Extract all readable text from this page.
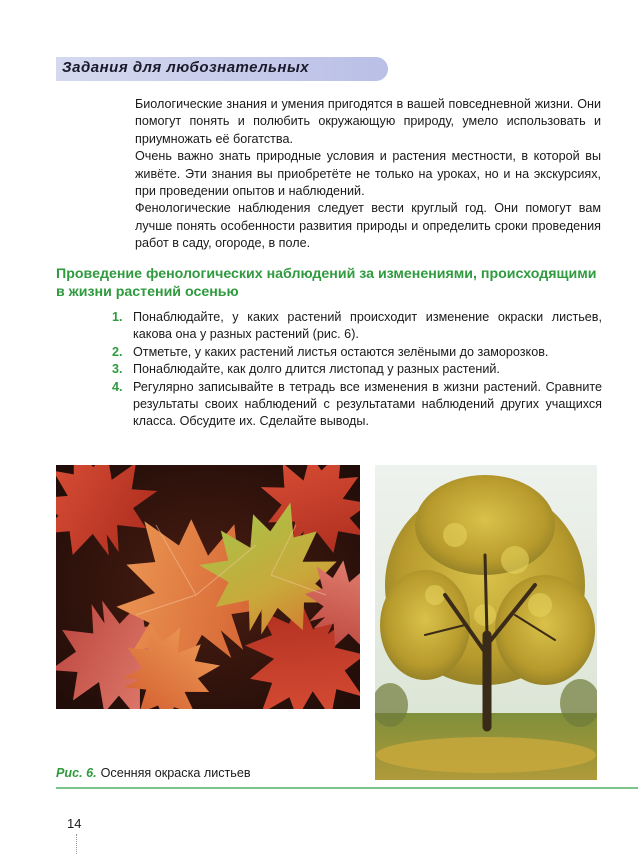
Задания для любознательных

Биологические знания и умения пригодятся в вашей повседневной жизни. Они помогут понять и полюбить окружающую природу, умело использовать и приумножать её богатства.

Очень важно знать природные условия и растения местности, в которой вы живёте. Эти знания вы приобретёте не только на уроках, но и на экскурсиях, при проведении опытов и наблюдений.

Фенологические наблюдения следует вести круглый год. Они помогут вам лучше понять особенности развития природы и определить сроки проведения работ в саду, огороде, в поле.

Проведение фенологических наблюдений за изменениями, происходящими в жизни растений осенью
1. Понаблюдайте, у каких растений происходит изменение окраски листьев, какова она у разных растений (рис. 6).
2. Отметьте, у каких растений листья остаются зелёными до заморозков.
3. Понаблюдайте, как долго длится листопад у разных растений.
4. Регулярно записывайте в тетрадь все изменения в жизни растений. Сравните результаты своих наблюдений с результатами наблюдений других учащихся класса. Обсудите их. Сделайте выводы.
Рис. 6. Осенняя окраска листьев
14
